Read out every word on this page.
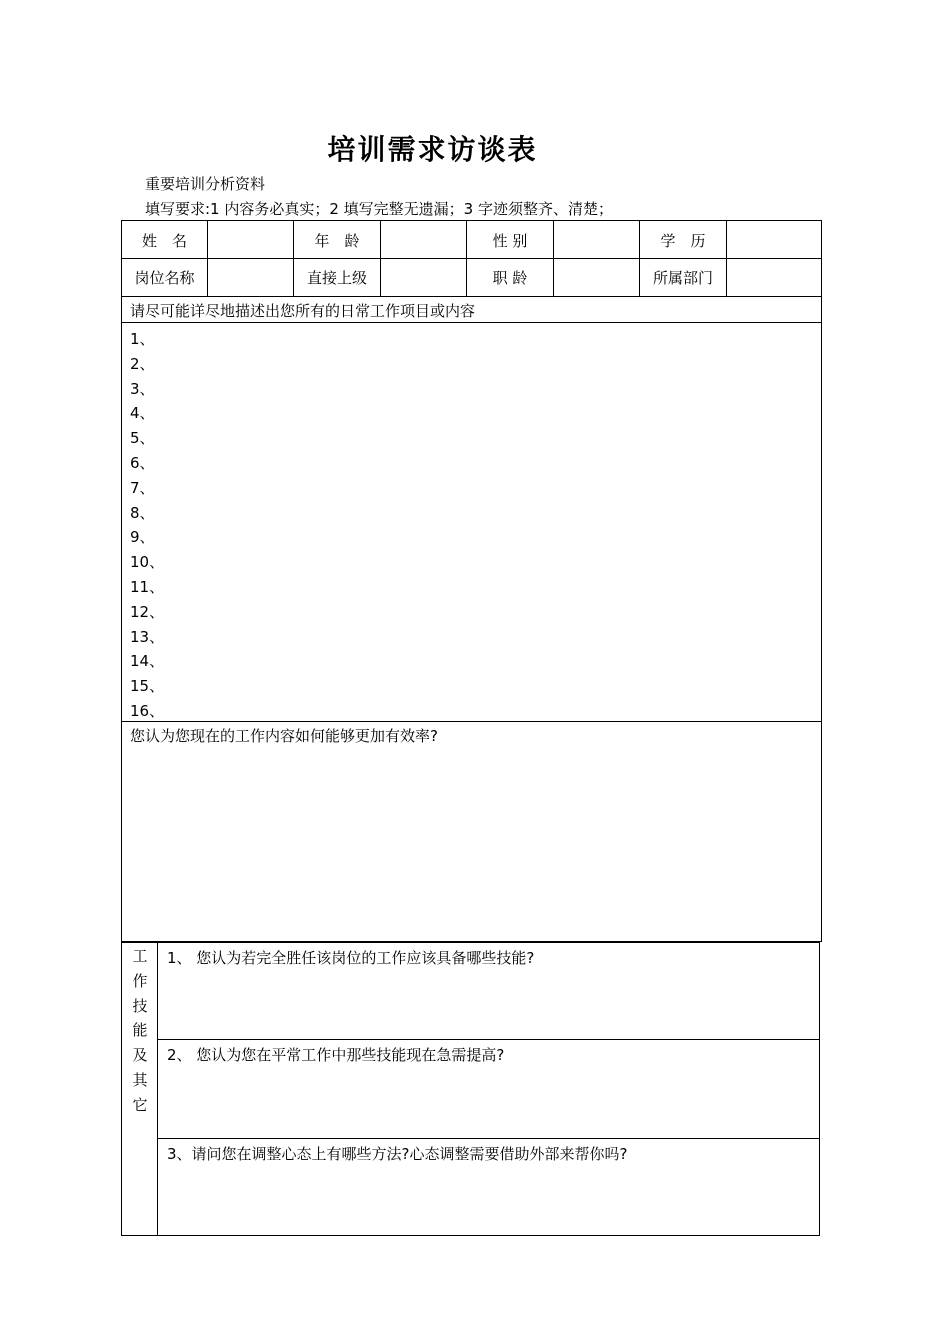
培训需求访谈表
重要培训分析资料
填写要求:1 内容务必真实；2 填写完整无遗漏；3 字迹须整齐、清楚；
姓　名	年　龄	性 别	学　历
岗位名称	直接上级	职 龄	所属部门
请尽可能详尽地描述出您所有的日常工作项目或内容
1、
2、
3、
4、
5、
6、
7、
8、
9、
10、
11、
12、
13、
14、
15、
16、
您认为您现在的工作内容如何能够更加有效率?
工
作
技
能
及
其
它
1、 您认为若完全胜任该岗位的工作应该具备哪些技能?
2、 您认为您在平常工作中那些技能现在急需提高?
3、请问您在调整心态上有哪些方法?心态调整需要借助外部来帮你吗?
